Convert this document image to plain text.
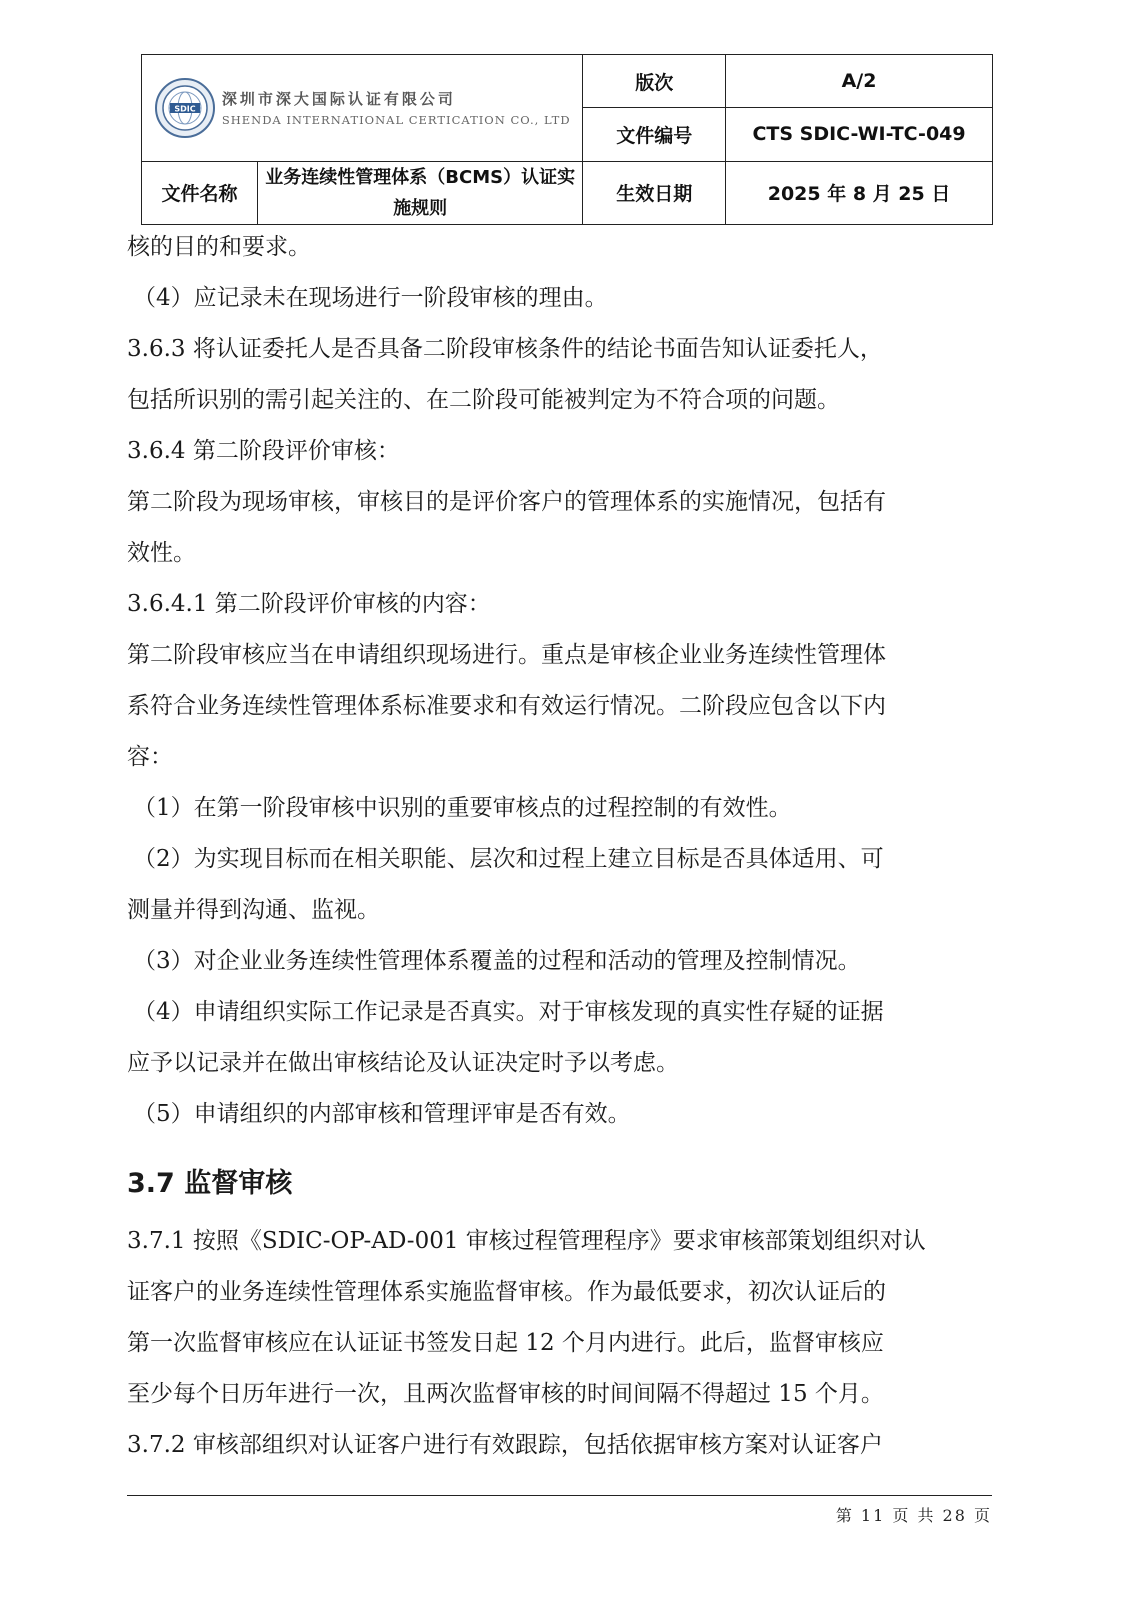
SDIC
深圳市深大国际认证有限公司
SHENDA INTERNATIONAL CERTICATION CO., LTD		版次	A/2
		文件编号	CTS SDIC-WI-TC-049
文件名称	业务连续性管理体系（BCMS）认证实施规则	生效日期	2025 年 8 月 25 日

核的目的和要求。

（4）应记录未在现场进行一阶段审核的理由。

3.6.3 将认证委托人是否具备二阶段审核条件的结论书面告知认证委托人，

包括所识别的需引起关注的、在二阶段可能被判定为不符合项的问题。

3.6.4 第二阶段评价审核：

第二阶段为现场审核，审核目的是评价客户的管理体系的实施情况，包括有

效性。

3.6.4.1 第二阶段评价审核的内容：

第二阶段审核应当在申请组织现场进行。重点是审核企业业务连续性管理体

系符合业务连续性管理体系标准要求和有效运行情况。二阶段应包含以下内

容：

（1）在第一阶段审核中识别的重要审核点的过程控制的有效性。

（2）为实现目标而在相关职能、层次和过程上建立目标是否具体适用、可

测量并得到沟通、监视。

（3）对企业业务连续性管理体系覆盖的过程和活动的管理及控制情况。

（4）申请组织实际工作记录是否真实。对于审核发现的真实性存疑的证据

应予以记录并在做出审核结论及认证决定时予以考虑。

（5）申请组织的内部审核和管理评审是否有效。

3.7 监督审核

3.7.1 按照《SDIC-OP-AD-001 审核过程管理程序》要求审核部策划组织对认

证客户的业务连续性管理体系实施监督审核。作为最低要求，初次认证后的

第一次监督审核应在认证证书签发日起 12 个月内进行。此后，监督审核应

至少每个日历年进行一次，且两次监督审核的时间间隔不得超过 15 个月。

3.7.2 审核部组织对认证客户进行有效跟踪，包括依据审核方案对认证客户

第 11 页 共 28 页
